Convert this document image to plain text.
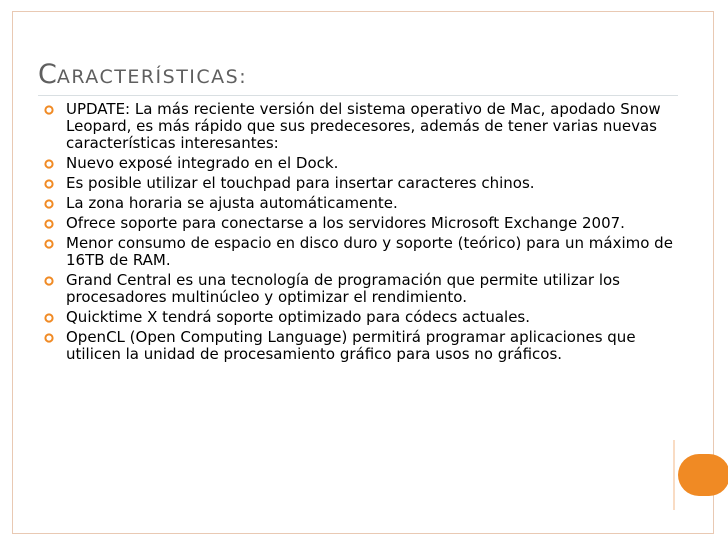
CARACTERÍSTICAS:
UPDATE: La más reciente versión del sistema operativo de Mac, apodado Snow Leopard, es más rápido que sus predecesores, además de tener varias nuevas características interesantes:
Nuevo exposé integrado en el Dock.
Es posible utilizar el touchpad para insertar caracteres chinos.
La zona horaria se ajusta automáticamente.
Ofrece soporte para conectarse a los servidores Microsoft Exchange 2007.
Menor consumo de espacio en disco duro y soporte (teórico) para un máximo de 16TB de RAM.
Grand Central es una tecnología de programación que permite utilizar los procesadores multinúcleo y optimizar el rendimiento.
Quicktime X tendrá soporte optimizado para códecs actuales.
OpenCL (Open Computing Language) permitirá programar aplicaciones que utilicen la unidad de procesamiento gráfico para usos no gráficos.
